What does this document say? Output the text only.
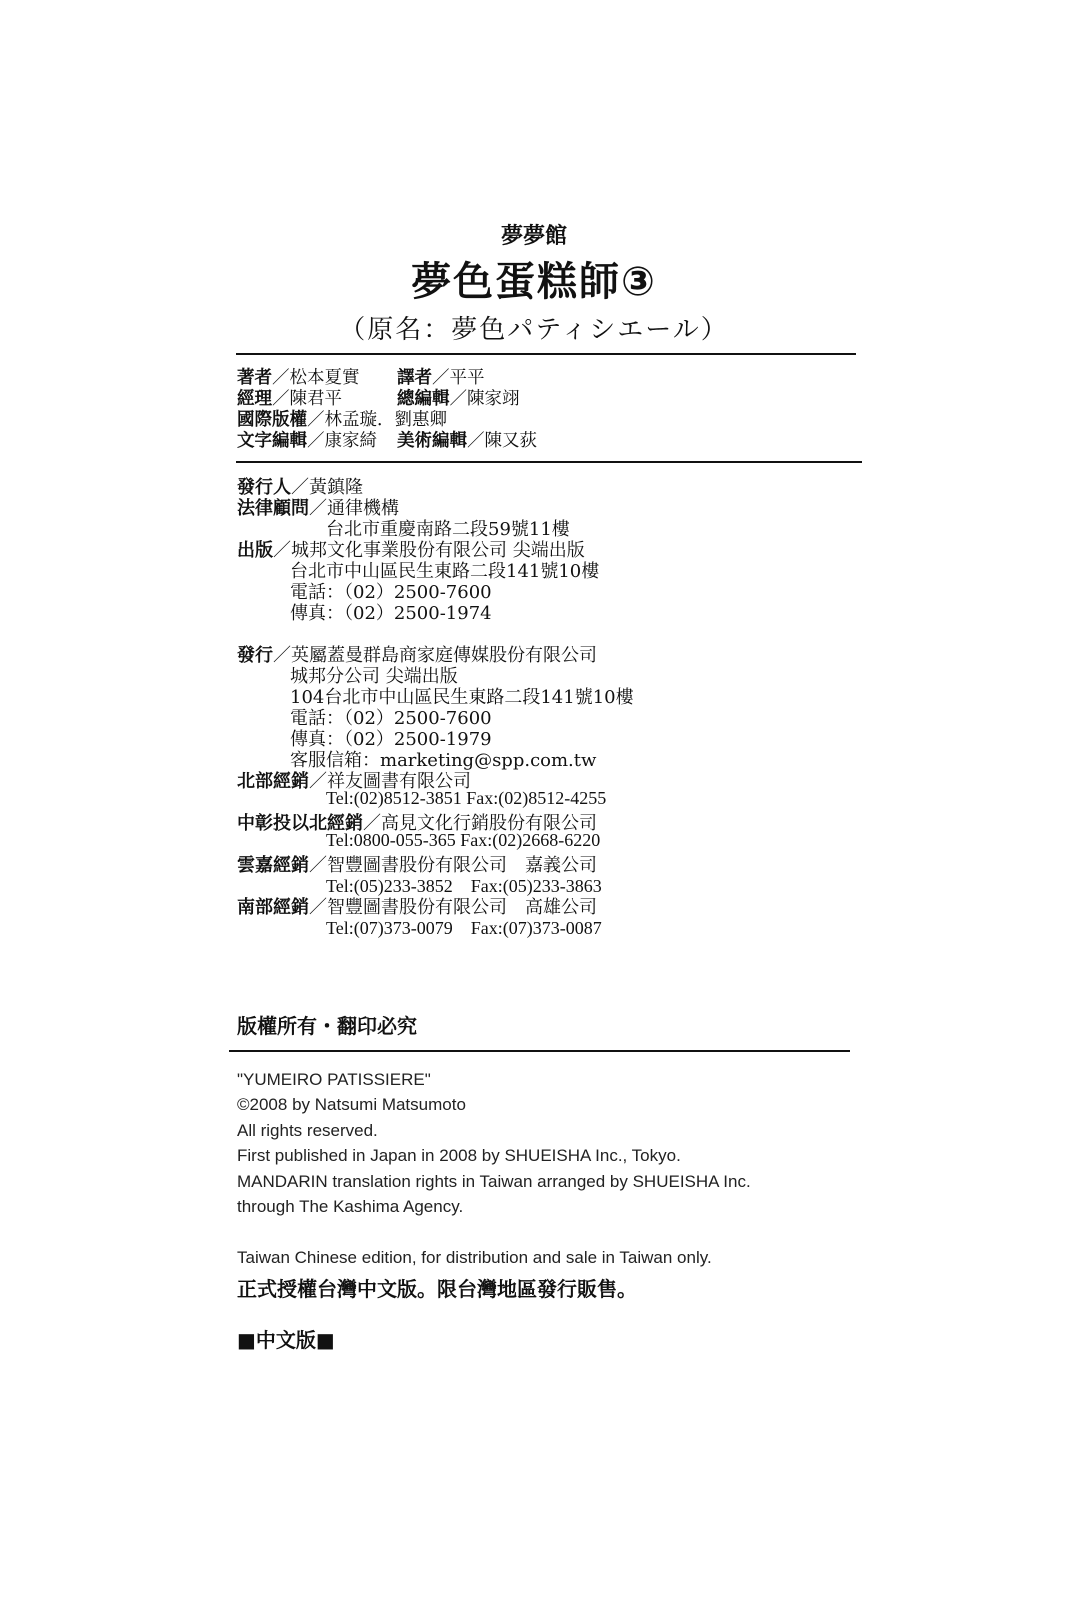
夢夢館
夢色蛋糕師③
（原名：夢色パティシエール）
著者／松本夏實 譯者／平平
經理／陳君平	總編輯／陳家翊
國際版權／林孟璇．劉惠卿
文字編輯／康家綺 美術編輯／陳又荻
發行人／黃鎮隆
法律顧問／通律機構
台北市重慶南路二段59號11樓
出版／城邦文化事業股份有限公司 尖端出版
台北市中山區民生東路二段141號10樓
電話：（02）2500-7600
傳真：（02）2500-1974
發行／英屬蓋曼群島商家庭傳媒股份有限公司
城邦分公司 尖端出版
104台北市中山區民生東路二段141號10樓
電話：（02）2500-7600
傳真：（02）2500-1979
客服信箱：marketing@spp.com.tw
北部經銷／祥友圖書有限公司
Tel:(02)8512-3851 Fax:(02)8512-4255
中彰投以北經銷／高見文化行銷股份有限公司
Tel:0800-055-365 Fax:(02)2668-6220
雲嘉經銷／智豐圖書股份有限公司　嘉義公司
Tel:(05)233-3852　Fax:(05)233-3863
南部經銷／智豐圖書股份有限公司　高雄公司
Tel:(07)373-0079　Fax:(07)373-0087
版權所有・翻印必究
"YUMEIRO PATISSIERE"
©2008 by Natsumi Matsumoto
All rights reserved.
First published in Japan in 2008 by SHUEISHA Inc., Tokyo.
MANDARIN translation rights in Taiwan arranged by SHUEISHA Inc.
through The Kashima Agency.
Taiwan Chinese edition, for distribution and sale in Taiwan only.
正式授權台灣中文版。限台灣地區發行販售。
■中文版■
